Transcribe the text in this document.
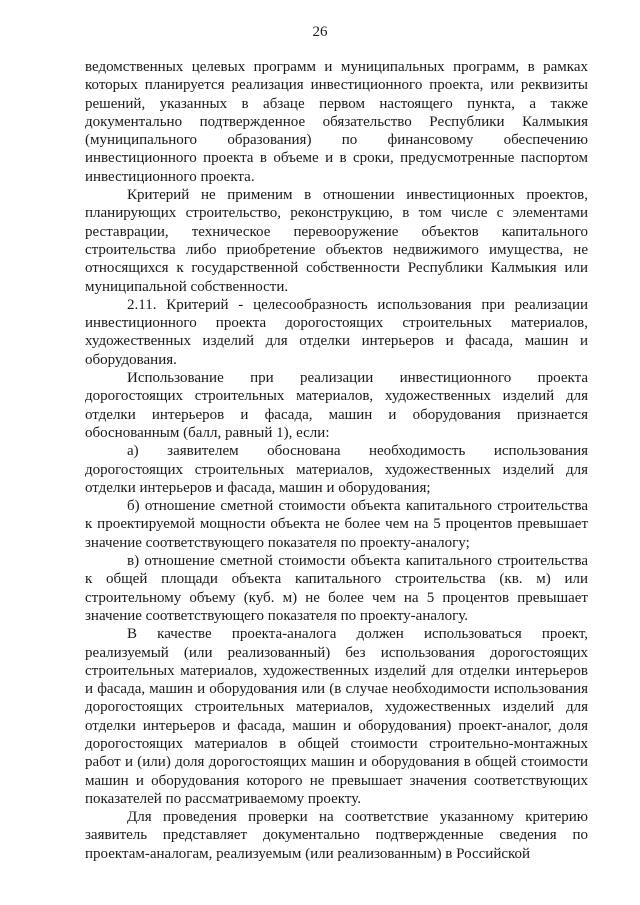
26

ведомственных целевых программ и муниципальных программ, в рамках которых планируется реализация инвестиционного проекта, или реквизиты решений, указанных в абзаце первом настоящего пункта, а также документально подтвержденное обязательство Республики Калмыкия (муниципального образования) по финансовому обеспечению инвестиционного проекта в объеме и в сроки, предусмотренные паспортом инвестиционного проекта.

Критерий не применим в отношении инвестиционных проектов, планирующих строительство, реконструкцию, в том числе с элементами реставрации, техническое перевооружение объектов капитального строительства либо приобретение объектов недвижимого имущества, не относящихся к государственной собственности Республики Калмыкия или муниципальной собственности.

2.11. Критерий - целесообразность использования при реализации инвестиционного проекта дорогостоящих строительных материалов, художественных изделий для отделки интерьеров и фасада, машин и оборудования.

Использование при реализации инвестиционного проекта дорогостоящих строительных материалов, художественных изделий для отделки интерьеров и фасада, машин и оборудования признается обоснованным (балл, равный 1), если:

а) заявителем обоснована необходимость использования дорогостоящих строительных материалов, художественных изделий для отделки интерьеров и фасада, машин и оборудования;

б) отношение сметной стоимости объекта капитального строительства к проектируемой мощности объекта не более чем на 5 процентов превышает значение соответствующего показателя по проекту-аналогу;

в) отношение сметной стоимости объекта капитального строительства к общей площади объекта капитального строительства (кв. м) или строительному объему (куб. м) не более чем на 5 процентов превышает значение соответствующего показателя по проекту-аналогу.

В качестве проекта-аналога должен использоваться проект, реализуемый (или реализованный) без использования дорогостоящих строительных материалов, художественных изделий для отделки интерьеров и фасада, машин и оборудования или (в случае необходимости использования дорогостоящих строительных материалов, художественных изделий для отделки интерьеров и фасада, машин и оборудования) проект-аналог, доля дорогостоящих материалов в общей стоимости строительно-монтажных работ и (или) доля дорогостоящих машин и оборудования в общей стоимости машин и оборудования которого не превышает значения соответствующих показателей по рассматриваемому проекту.

Для проведения проверки на соответствие указанному критерию заявитель представляет документально подтвержденные сведения по проектам-аналогам, реализуемым (или реализованным) в Российской
